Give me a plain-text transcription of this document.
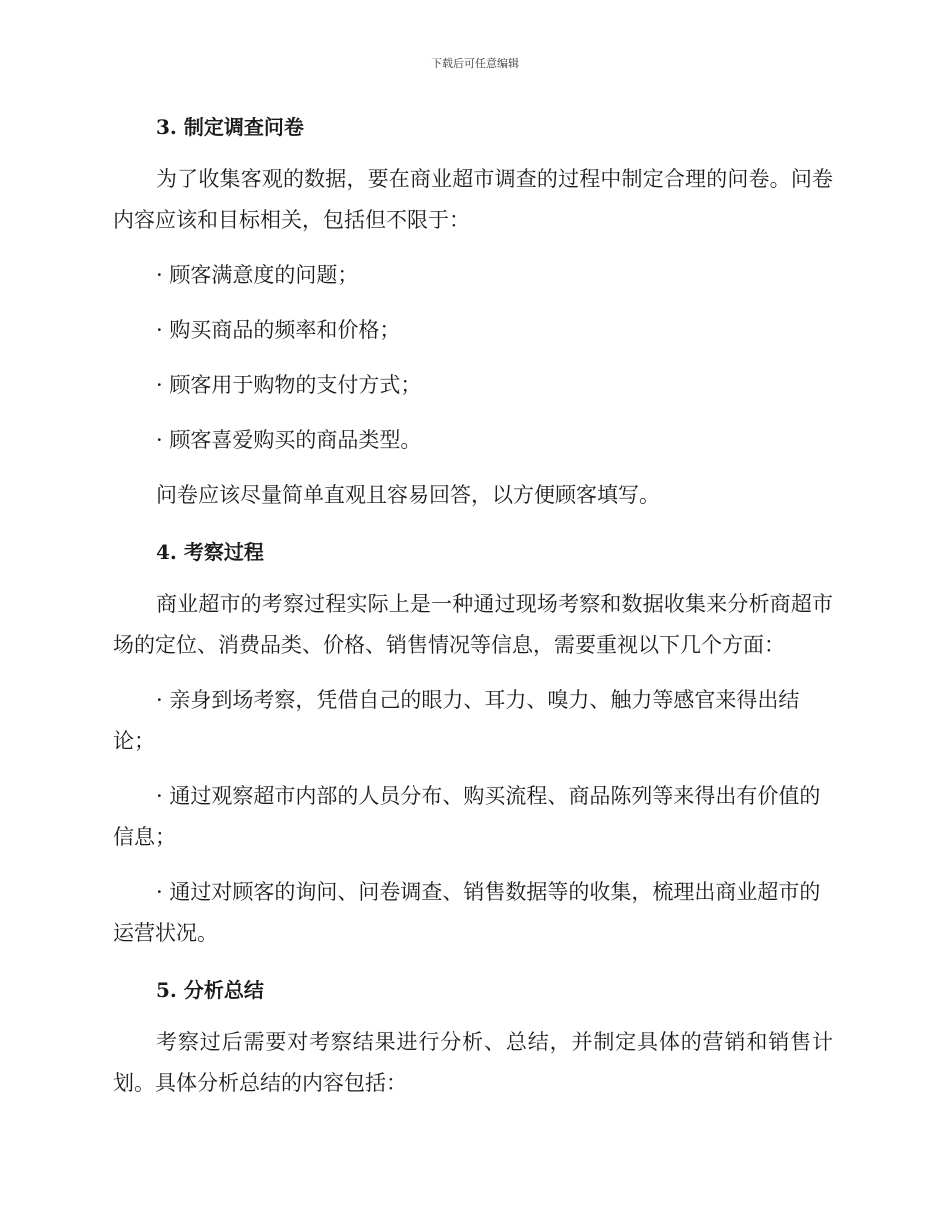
下载后可任意编辑
3. 制定调查问卷

为了收集客观的数据，要在商业超市调查的过程中制定合理的问卷。问卷内容应该和目标相关，包括但不限于：

· 顾客满意度的问题；

· 购买商品的频率和价格；

· 顾客用于购物的支付方式；

· 顾客喜爱购买的商品类型。

问卷应该尽量简单直观且容易回答，以方便顾客填写。

4. 考察过程

商业超市的考察过程实际上是一种通过现场考察和数据收集来分析商超市场的定位、消费品类、价格、销售情况等信息，需要重视以下几个方面：

· 亲身到场考察，凭借自己的眼力、耳力、嗅力、触力等感官来得出结论；

· 通过观察超市内部的人员分布、购买流程、商品陈列等来得出有价值的信息；

· 通过对顾客的询问、问卷调查、销售数据等的收集，梳理出商业超市的运营状况。

5. 分析总结

考察过后需要对考察结果进行分析、总结，并制定具体的营销和销售计划。具体分析总结的内容包括：
